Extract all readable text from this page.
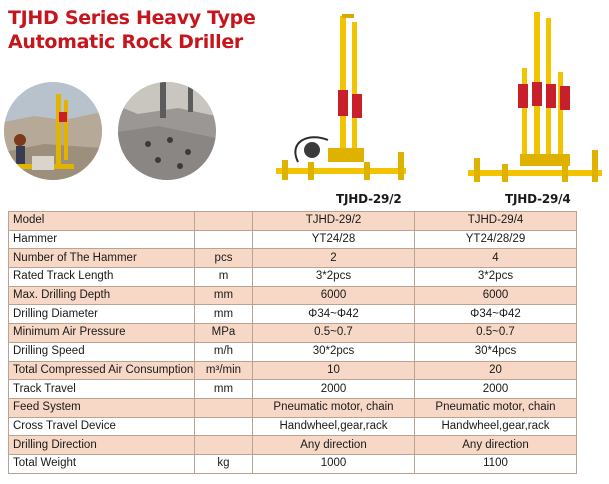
TJHD Series Heavy Type
Automatic Rock Driller
TJHD-29/2	TJHD-29/4
Model		TJHD-29/2	TJHD-29/4
Hammer		YT24/28	YT24/28/29
Number of The Hammer	pcs	2	4
Rated Track Length	m	3*2pcs	3*2pcs
Max. Drilling Depth	mm	6000	6000
Drilling Diameter	mm	Φ34~Φ42	Φ34~Φ42
Minimum Air Pressure	MPa	0.5~0.7	0.5~0.7
Drilling Speed	m/h	30*2pcs	30*4pcs
Total Compressed Air Consumption	m³/min	10	20
Track Travel	mm	2000	2000
Feed System		Pneumatic motor, chain	Pneumatic motor, chain
Cross Travel Device		Handwheel,gear,rack	Handwheel,gear,rack
Drilling Direction		Any direction	Any direction
Total Weight	kg	1000	1100
